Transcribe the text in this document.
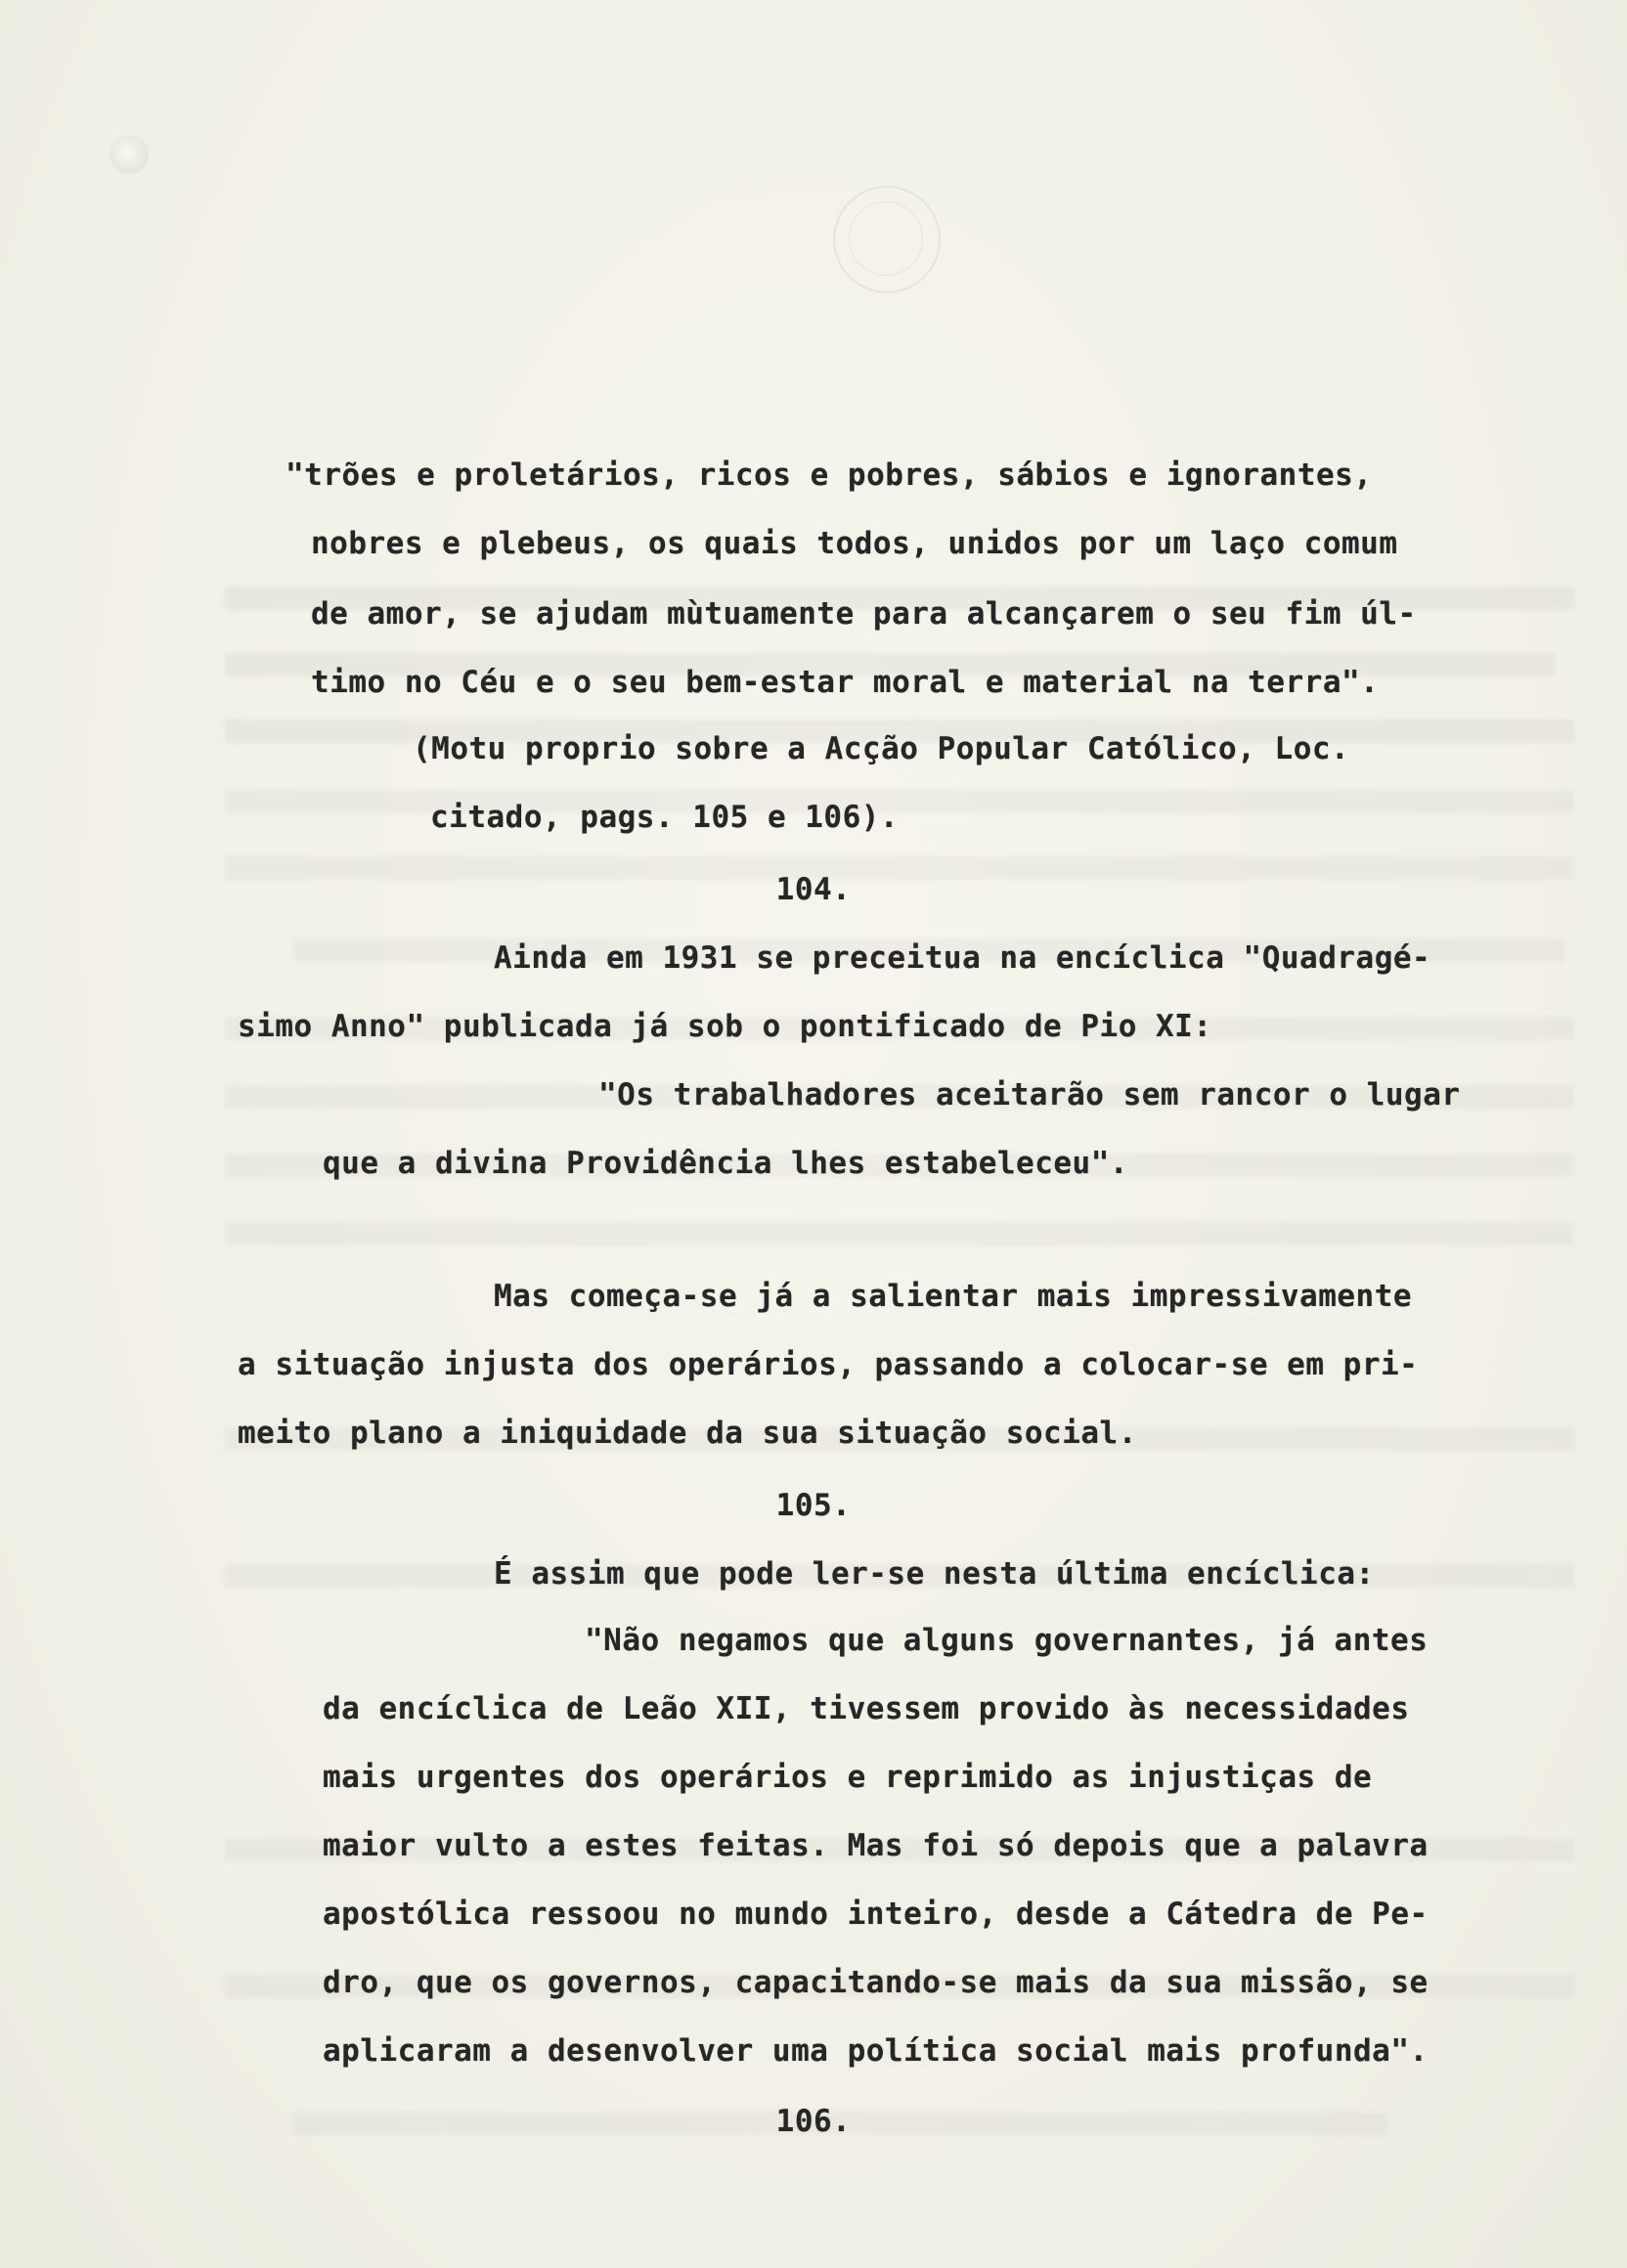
"trões e proletários, ricos e pobres, sábios e ignorantes,
nobres e plebeus, os quais todos, unidos por um laço comum
de amor, se ajudam mùtuamente para alcançarem o seu fim úl-
timo no Céu e o seu bem-estar moral e material na terra".
(Motu proprio sobre a Acção Popular Católico, Loc.
citado, pags. 105 e 106).
104.
Ainda em 1931 se preceitua na encíclica "Quadragé-
simo Anno" publicada já sob o pontificado de Pio XI:
"Os trabalhadores aceitarão sem rancor o lugar
que a divina Providência lhes estabeleceu".
Mas começa-se já a salientar mais impressivamente
a situação injusta dos operários, passando a colocar-se em pri-
meito plano a iniquidade da sua situação social.
105.
É assim que pode ler-se nesta última encíclica:
"Não negamos que alguns governantes, já antes
da encíclica de Leão XII, tivessem provido às necessidades
mais urgentes dos operários e reprimido as injustiças de
maior vulto a estes feitas. Mas foi só depois que a palavra
apostólica ressoou no mundo inteiro, desde a Cátedra de Pe-
dro, que os governos, capacitando-se mais da sua missão, se
aplicaram a desenvolver uma política social mais profunda".
106.
